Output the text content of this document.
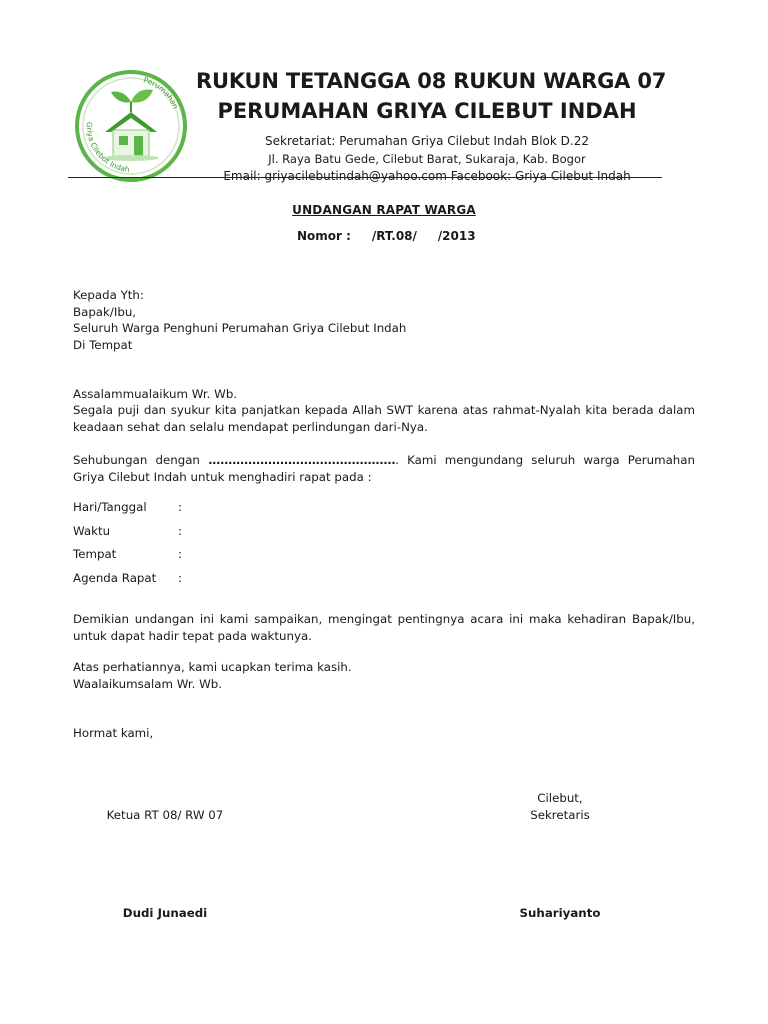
Perumahan
Griya Cilebut Indah
RUKUN TETANGGA 08 RUKUN WARGA 07
PERUMAHAN GRIYA CILEBUT INDAH
Sekretariat: Perumahan Griya Cilebut Indah Blok D.22
Jl. Raya Batu Gede, Cilebut Barat, Sukaraja, Kab. Bogor
Email: griyacilebutindah@yahoo.com Facebook: Griya Cilebut Indah
UNDANGAN RAPAT WARGA
Nomor :     /RT.08/     /2013
Kepada Yth:
Bapak/Ibu,
Seluruh Warga Penghuni Perumahan Griya Cilebut Indah
Di Tempat
Assalammualaikum Wr. Wb.
Segala puji dan syukur kita panjatkan kepada Allah SWT karena atas rahmat-Nyalah kita berada dalam keadaan sehat dan selalu mendapat perlindungan dari-Nya.
Sehubungan dengan ................................................ Kami mengundang seluruh warga Perumahan Griya Cilebut Indah untuk menghadiri rapat pada :
Hari/Tanggal	:
Waktu	:
Tempat	:
Agenda Rapat :
Demikian undangan ini kami sampaikan, mengingat pentingnya acara ini maka kehadiran Bapak/Ibu, untuk dapat hadir tepat pada waktunya.
Atas perhatiannya, kami ucapkan terima kasih.
Waalaikumsalam Wr. Wb.
Hormat kami,
Cilebut,
Ketua RT 08/ RW 07	Sekretaris
Dudi Junaedi	Suhariyanto
